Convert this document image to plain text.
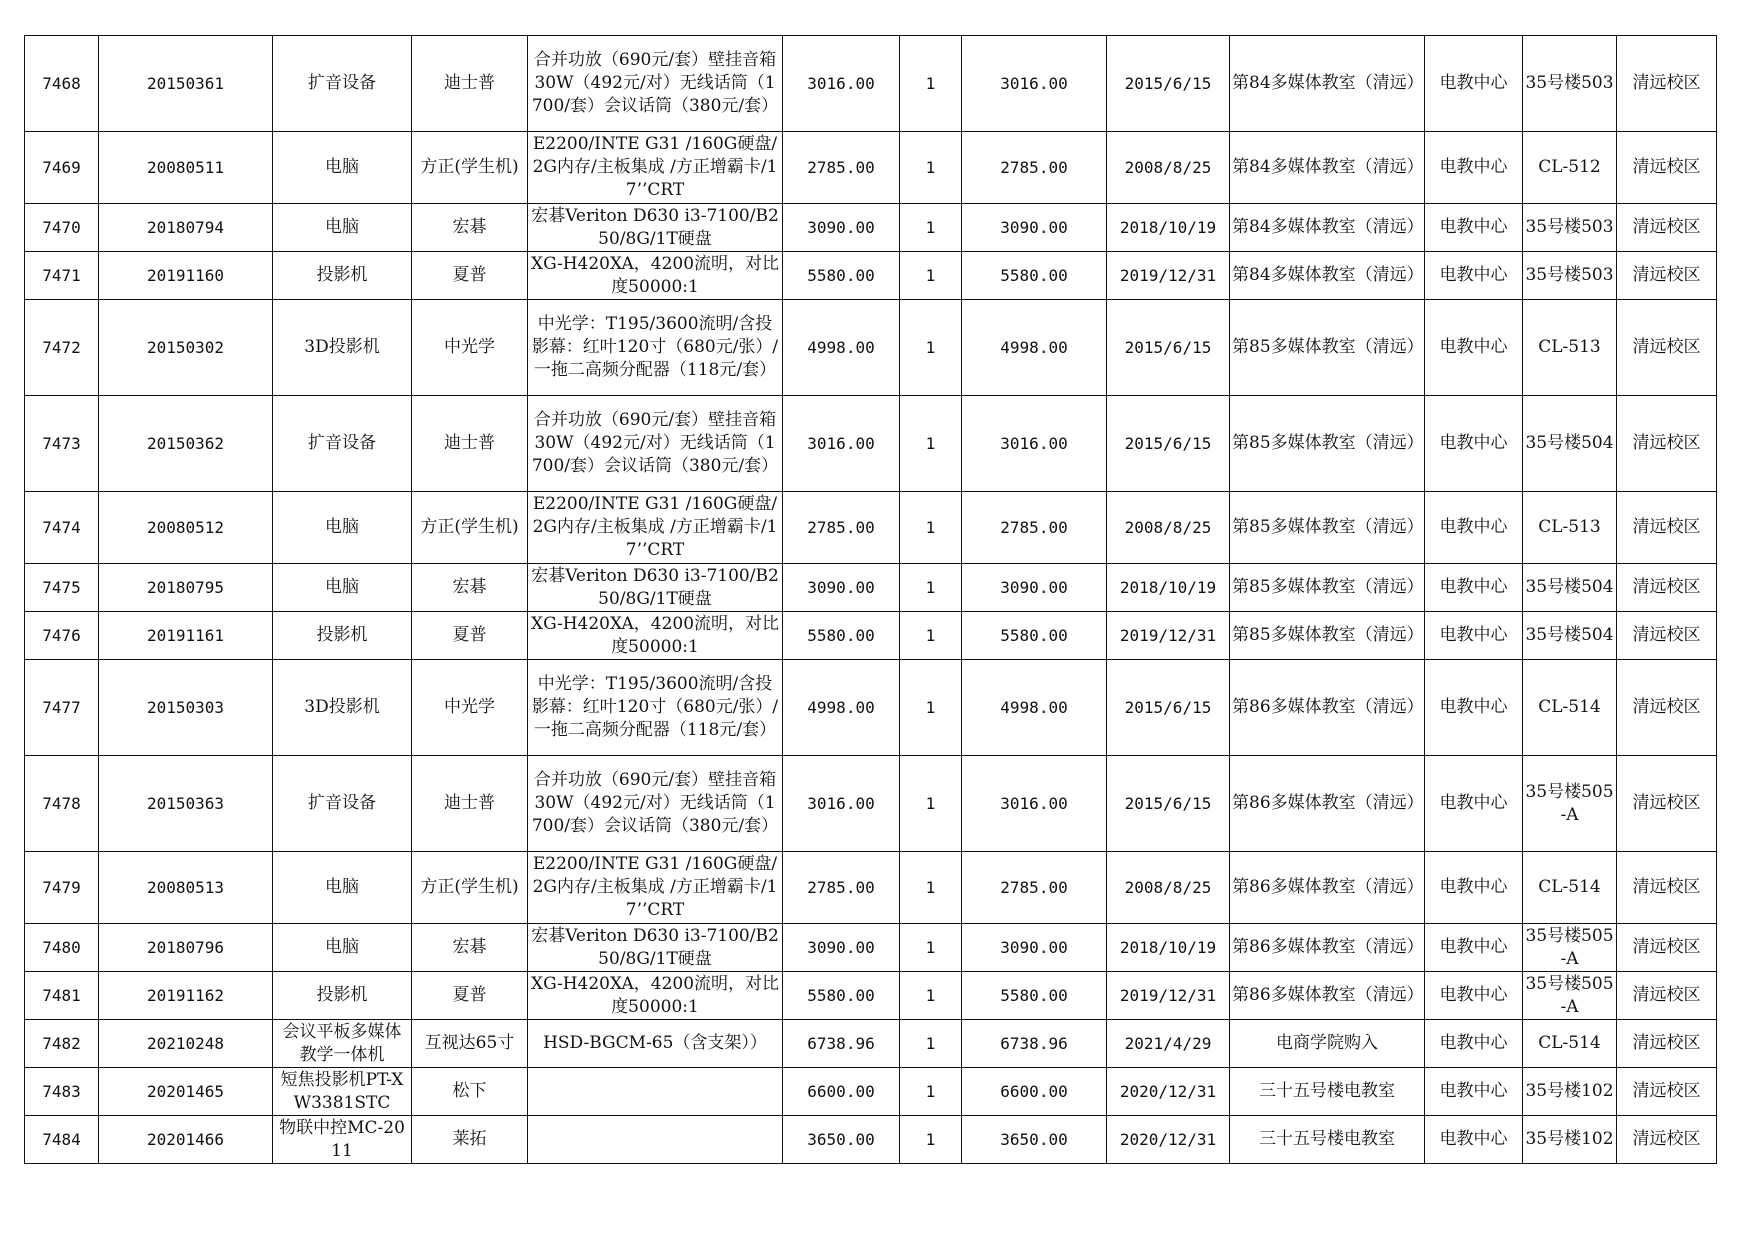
7468	20150361	扩音设备	迪士普	合并功放（690元/套）壁挂音箱30W（492元/对）无线话筒（1700/套）会议话筒（380元/套）	3016.00	1	3016.00	2015/6/15	第84多媒体教室（清远）	电教中心	35号楼503	清远校区
7469	20080511	电脑	方正(学生机)	E2200/INTE G31 /160G硬盘/2G内存/主板集成 /方正增霸卡/17’’CRT	2785.00	1	2785.00	2008/8/25	第84多媒体教室（清远）	电教中心	CL-512	清远校区
7470	20180794	电脑	宏碁	宏碁Veriton D630 i3-7100/B250/8G/1T硬盘	3090.00	1	3090.00	2018/10/19	第84多媒体教室（清远）	电教中心	35号楼503	清远校区
7471	20191160	投影机	夏普	XG-H420XA，4200流明，对比度50000:1	5580.00	1	5580.00	2019/12/31	第84多媒体教室（清远）	电教中心	35号楼503	清远校区
7472	20150302	3D投影机	中光学	中光学：T195/3600流明/含投影幕：红叶120寸（680元/张）/一拖二高频分配器（118元/套）	4998.00	1	4998.00	2015/6/15	第85多媒体教室（清远）	电教中心	CL-513	清远校区
7473	20150362	扩音设备	迪士普	合并功放（690元/套）壁挂音箱30W（492元/对）无线话筒（1700/套）会议话筒（380元/套）	3016.00	1	3016.00	2015/6/15	第85多媒体教室（清远）	电教中心	35号楼504	清远校区
7474	20080512	电脑	方正(学生机)	E2200/INTE G31 /160G硬盘/2G内存/主板集成 /方正增霸卡/17’’CRT	2785.00	1	2785.00	2008/8/25	第85多媒体教室（清远）	电教中心	CL-513	清远校区
7475	20180795	电脑	宏碁	宏碁Veriton D630 i3-7100/B250/8G/1T硬盘	3090.00	1	3090.00	2018/10/19	第85多媒体教室（清远）	电教中心	35号楼504	清远校区
7476	20191161	投影机	夏普	XG-H420XA，4200流明，对比度50000:1	5580.00	1	5580.00	2019/12/31	第85多媒体教室（清远）	电教中心	35号楼504	清远校区
7477	20150303	3D投影机	中光学	中光学：T195/3600流明/含投影幕：红叶120寸（680元/张）/一拖二高频分配器（118元/套）	4998.00	1	4998.00	2015/6/15	第86多媒体教室（清远）	电教中心	CL-514	清远校区
7478	20150363	扩音设备	迪士普	合并功放（690元/套）壁挂音箱30W（492元/对）无线话筒（1700/套）会议话筒（380元/套）	3016.00	1	3016.00	2015/6/15	第86多媒体教室（清远）	电教中心	35号楼505-A	清远校区
7479	20080513	电脑	方正(学生机)	E2200/INTE G31 /160G硬盘/2G内存/主板集成 /方正增霸卡/17’’CRT	2785.00	1	2785.00	2008/8/25	第86多媒体教室（清远）	电教中心	CL-514	清远校区
7480	20180796	电脑	宏碁	宏碁Veriton D630 i3-7100/B250/8G/1T硬盘	3090.00	1	3090.00	2018/10/19	第86多媒体教室（清远）	电教中心	35号楼505-A	清远校区
7481	20191162	投影机	夏普	XG-H420XA，4200流明，对比度50000:1	5580.00	1	5580.00	2019/12/31	第86多媒体教室（清远）	电教中心	35号楼505-A	清远校区
7482	20210248	会议平板多媒体教学一体机	互视达65寸	HSD-BGCM-65（含支架））	6738.96	1	6738.96	2021/4/29	电商学院购入	电教中心	CL-514	清远校区
7483	20201465	短焦投影机PT-XW3381STC	松下		6600.00	1	6600.00	2020/12/31	三十五号楼电教室	电教中心	35号楼102	清远校区
7484	20201466	物联中控MC-2011	莱拓		3650.00	1	3650.00	2020/12/31	三十五号楼电教室	电教中心	35号楼102	清远校区
